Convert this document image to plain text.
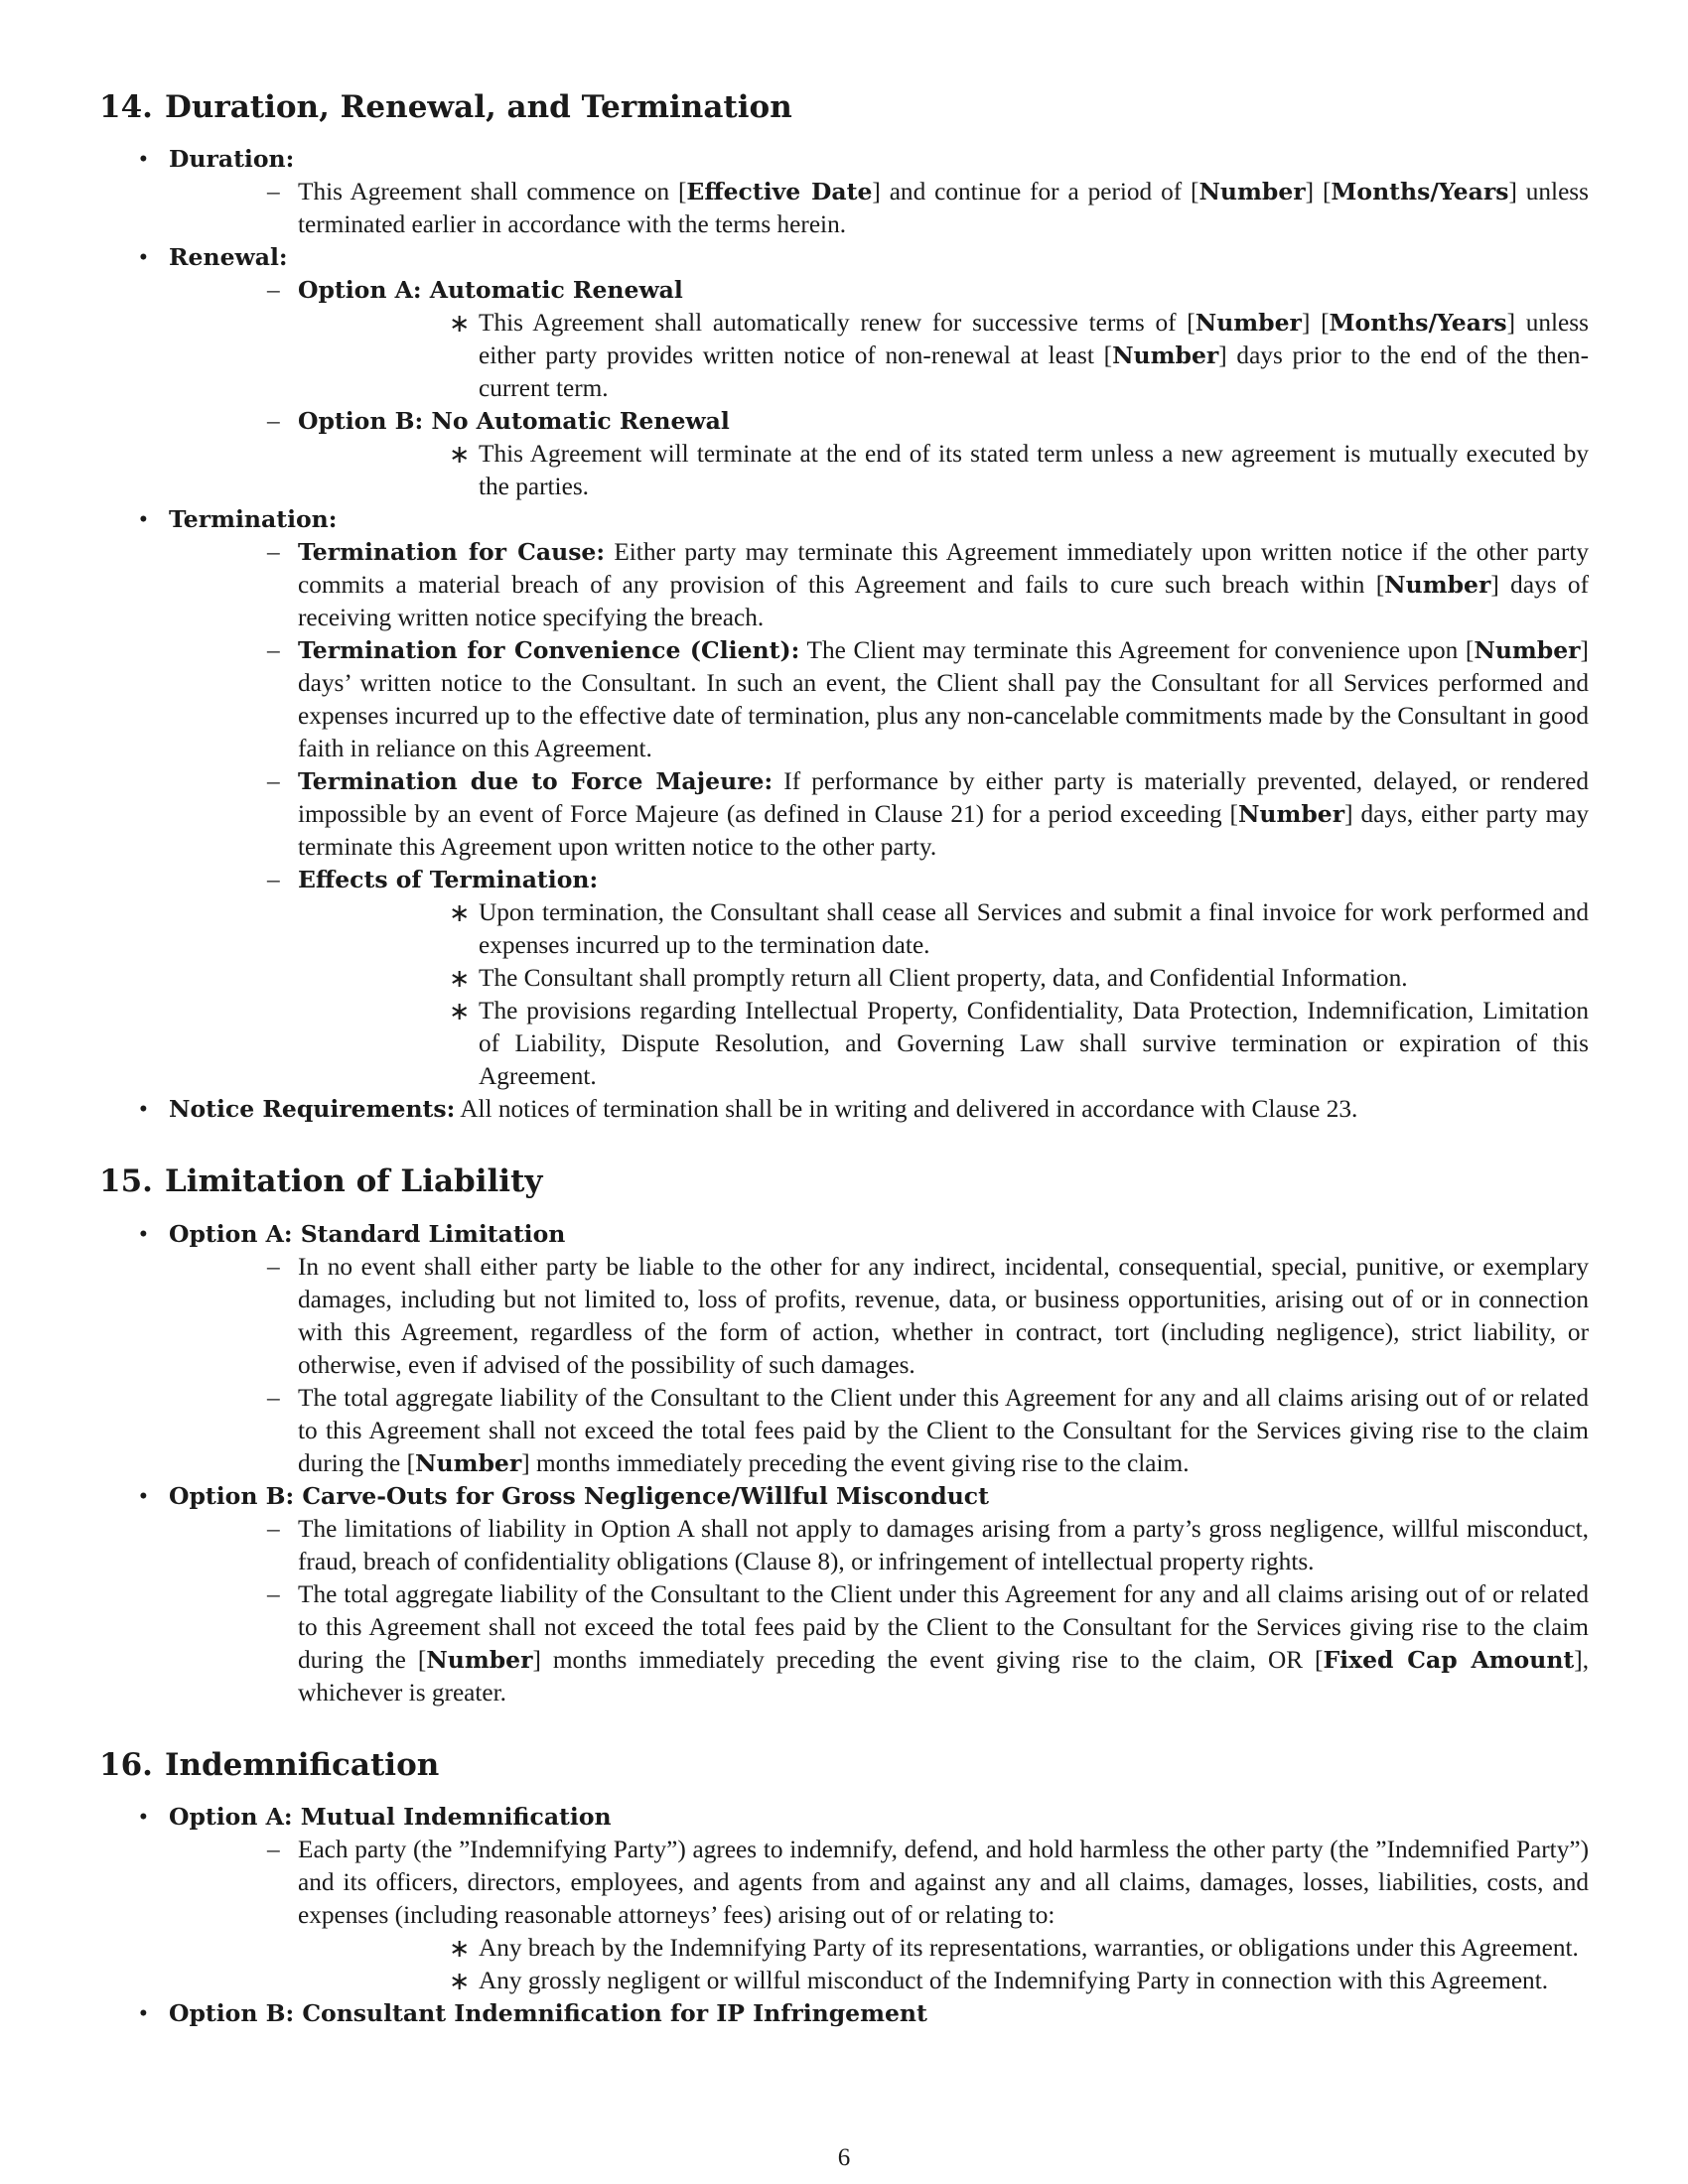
14. Duration, Renewal, and Termination
• Duration:
– This Agreement shall commence on [Effective Date] and continue for a period of [Number] [Months/Years] unless terminated earlier in accordance with the terms herein.
• Renewal:
– Option A: Automatic Renewal
∗ This Agreement shall automatically renew for successive terms of [Number] [Months/Years] unless either party provides written notice of non-renewal at least [Number] days prior to the end of the then-current term.
– Option B: No Automatic Renewal
∗ This Agreement will terminate at the end of its stated term unless a new agreement is mutually executed by the parties.
• Termination:
– Termination for Cause: Either party may terminate this Agreement immediately upon written notice if the other party commits a material breach of any provision of this Agreement and fails to cure such breach within [Number] days of receiving written notice specifying the breach.
– Termination for Convenience (Client): The Client may terminate this Agreement for convenience upon [Number] days’ written notice to the Consultant. In such an event, the Client shall pay the Consultant for all Services performed and expenses incurred up to the effective date of termination, plus any non-cancelable commitments made by the Consultant in good faith in reliance on this Agreement.
– Termination due to Force Majeure: If performance by either party is materially prevented, delayed, or rendered impossible by an event of Force Majeure (as defined in Clause 21) for a period exceeding [Number] days, either party may terminate this Agreement upon written notice to the other party.
– Effects of Termination:
∗ Upon termination, the Consultant shall cease all Services and submit a final invoice for work performed and expenses incurred up to the termination date.
∗ The Consultant shall promptly return all Client property, data, and Confidential Information.
∗ The provisions regarding Intellectual Property, Confidentiality, Data Protection, Indemnification, Limitation of Liability, Dispute Resolution, and Governing Law shall survive termination or expiration of this Agreement.
• Notice Requirements: All notices of termination shall be in writing and delivered in accordance with Clause 23.
15. Limitation of Liability
• Option A: Standard Limitation
– In no event shall either party be liable to the other for any indirect, incidental, consequential, special, punitive, or exemplary damages, including but not limited to, loss of profits, revenue, data, or business opportunities, arising out of or in connection with this Agreement, regardless of the form of action, whether in contract, tort (including negligence), strict liability, or otherwise, even if advised of the possibility of such damages.
– The total aggregate liability of the Consultant to the Client under this Agreement for any and all claims arising out of or related to this Agreement shall not exceed the total fees paid by the Client to the Consultant for the Services giving rise to the claim during the [Number] months immediately preceding the event giving rise to the claim.
• Option B: Carve-Outs for Gross Negligence/Willful Misconduct
– The limitations of liability in Option A shall not apply to damages arising from a party’s gross negligence, willful misconduct, fraud, breach of confidentiality obligations (Clause 8), or infringement of intellectual property rights.
– The total aggregate liability of the Consultant to the Client under this Agreement for any and all claims arising out of or related to this Agreement shall not exceed the total fees paid by the Client to the Consultant for the Services giving rise to the claim during the [Number] months immediately preceding the event giving rise to the claim, OR [Fixed Cap Amount], whichever is greater.
16. Indemnification
• Option A: Mutual Indemnification
– Each party (the ”Indemnifying Party”) agrees to indemnify, defend, and hold harmless the other party (the ”Indemnified Party”) and its officers, directors, employees, and agents from and against any and all claims, damages, losses, liabilities, costs, and expenses (including reasonable attorneys’ fees) arising out of or relating to:
∗ Any breach by the Indemnifying Party of its representations, warranties, or obligations under this Agreement.
∗ Any grossly negligent or willful misconduct of the Indemnifying Party in connection with this Agreement.
• Option B: Consultant Indemnification for IP Infringement
6
